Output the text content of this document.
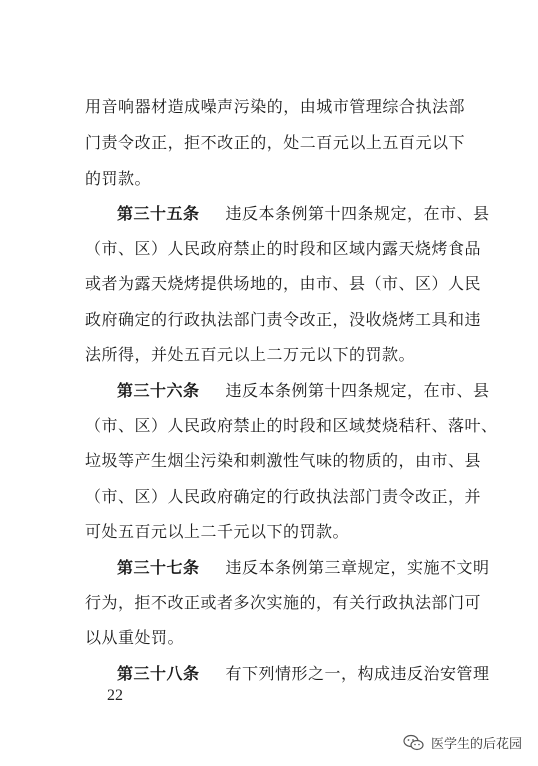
用音响器材造成噪声污染的，由城市管理综合执法部
门责令改正，拒不改正的，处二百元以上五百元以下
的罚款。
第三十五条 违反本条例第十四条规定，在市、县
（市、区）人民政府禁止的时段和区域内露天烧烤食品
或者为露天烧烤提供场地的，由市、县（市、区）人民
政府确定的行政执法部门责令改正，没收烧烤工具和违
法所得，并处五百元以上二万元以下的罚款。
第三十六条 违反本条例第十四条规定，在市、县
（市、区）人民政府禁止的时段和区域焚烧秸秆、落叶、
垃圾等产生烟尘污染和刺激性气味的物质的，由市、县
（市、区）人民政府确定的行政执法部门责令改正，并
可处五百元以上二千元以下的罚款。
第三十七条 违反本条例第三章规定，实施不文明
行为，拒不改正或者多次实施的，有关行政执法部门可
以从重处罚。
第三十八条 有下列情形之一，构成违反治安管理
22
医学生的后花园
